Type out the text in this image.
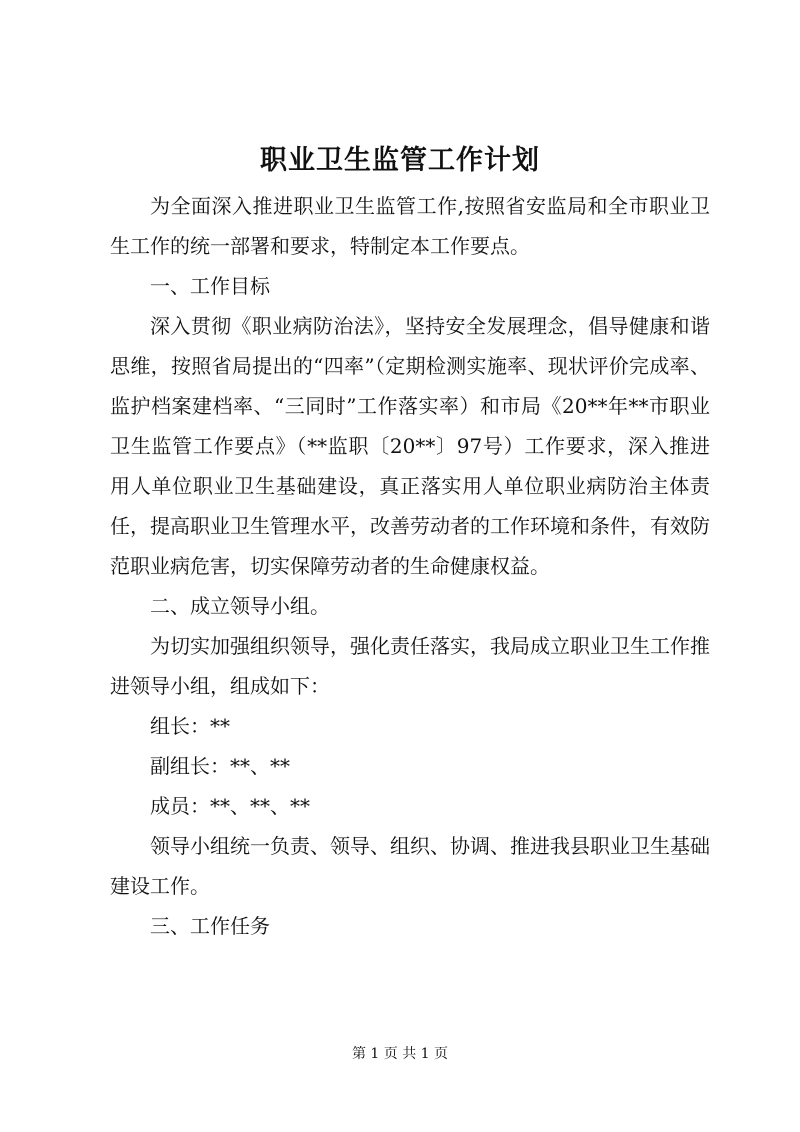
职业卫生监管工作计划

为全面深入推进职业卫生监管工作,按照省安监局和全市职业卫生工作的统一部署和要求，特制定本工作要点。

一、工作目标

深入贯彻《职业病防治法》，坚持安全发展理念，倡导健康和谐思维，按照省局提出的“四率”（定期检测实施率、现状评价完成率、监护档案建档率、“三同时”工作落实率）和市局《20**年**市职业卫生监管工作要点》（**监职〔20**〕97号）工作要求，深入推进用人单位职业卫生基础建设，真正落实用人单位职业病防治主体责任，提高职业卫生管理水平，改善劳动者的工作环境和条件，有效防范职业病危害，切实保障劳动者的生命健康权益。

二、成立领导小组。

为切实加强组织领导，强化责任落实，我局成立职业卫生工作推进领导小组，组成如下：

组长：**

副组长：**、**

成员：**、**、**

领导小组统一负责、领导、组织、协调、推进我县职业卫生基础建设工作。

三、工作任务

第 1 页 共 1 页
